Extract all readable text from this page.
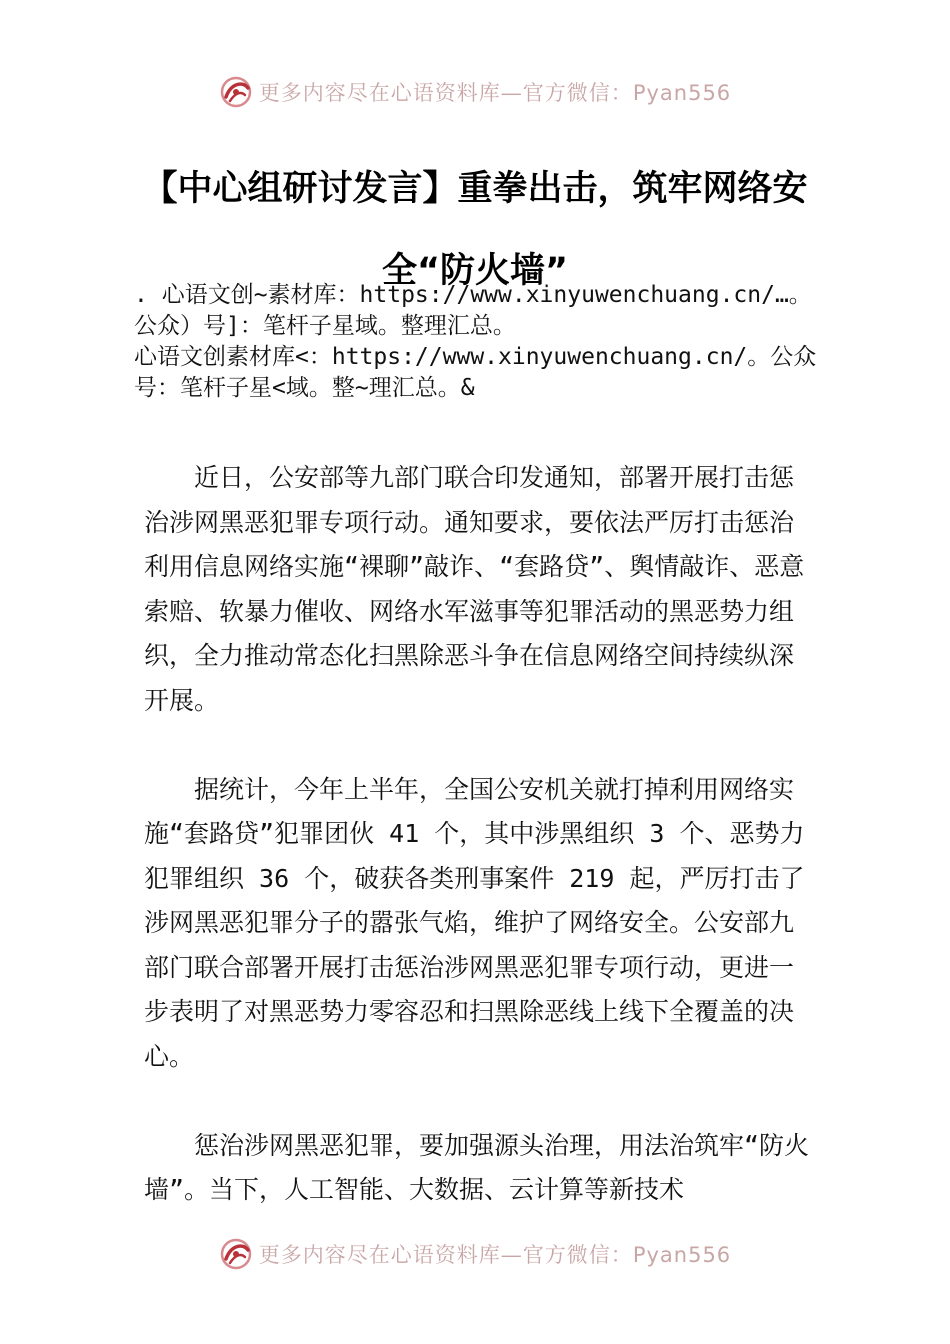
更多内容尽在心语资料库—官方微信：Pyan556
【中心组研讨发言】重拳出击，筑牢网络安全“防火墙”

. 心语文创~素材库：https://www.xinyuwenchuang.cn/…。公众）号]：笔杆子星域。整理汇总。

心语文创素材库<：https://www.xinyuwenchuang.cn/。公众号：笔杆子星<域。整~理汇总。&

近日，公安部等九部门联合印发通知，部署开展打击惩治涉网黑恶犯罪专项行动。通知要求，要依法严厉打击惩治利用信息网络实施“裸聊”敲诈、“套路贷”、舆情敲诈、恶意索赔、软暴力催收、网络水军滋事等犯罪活动的黑恶势力组织，全力推动常态化扫黑除恶斗争在信息网络空间持续纵深开展。

据统计，今年上半年，全国公安机关就打掉利用网络实施“套路贷”犯罪团伙 41 个，其中涉黑组织 3 个、恶势力犯罪组织 36 个，破获各类刑事案件 219 起，严厉打击了涉网黑恶犯罪分子的嚣张气焰，维护了网络安全。公安部九部门联合部署开展打击惩治涉网黑恶犯罪专项行动，更进一步表明了对黑恶势力零容忍和扫黑除恶线上线下全覆盖的决心。

惩治涉网黑恶犯罪，要加强源头治理，用法治筑牢“防火墙”。当下，人工智能、大数据、云计算等新技术

更多内容尽在心语资料库—官方微信：Pyan556
